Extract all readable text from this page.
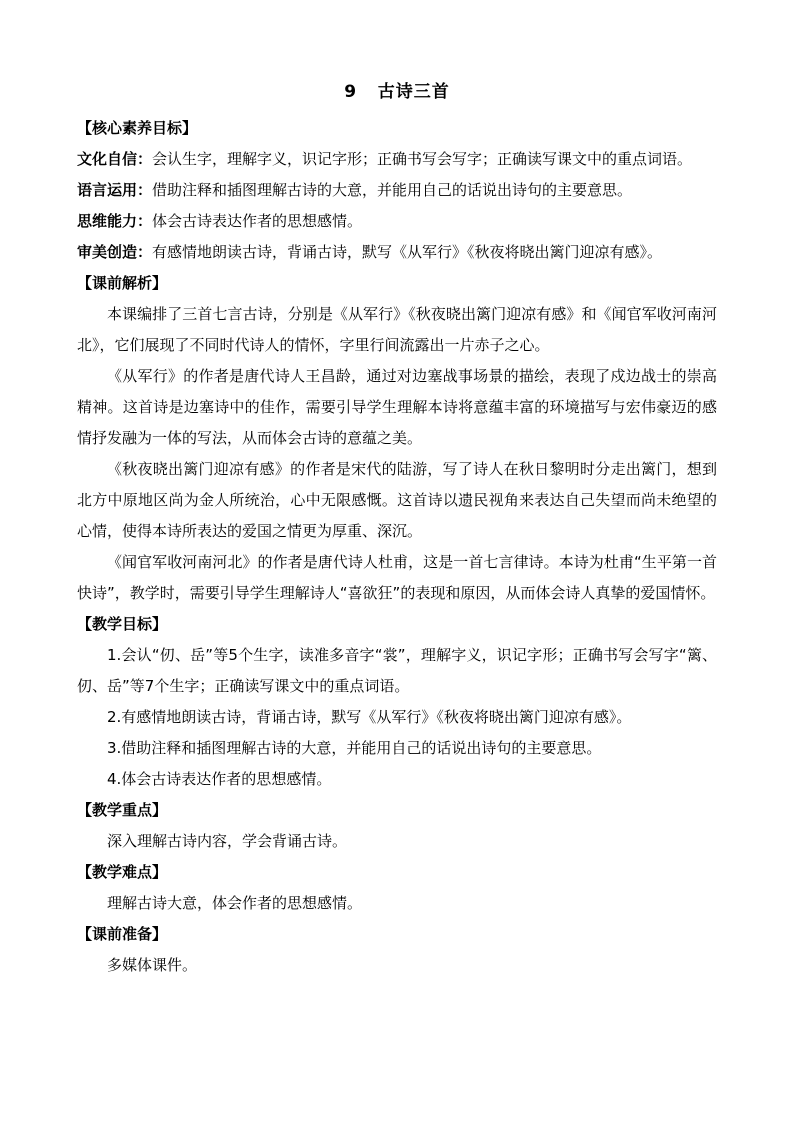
9   古诗三首

【核心素养目标】

文化自信：会认生字，理解字义，识记字形；正确书写会写字；正确读写课文中的重点词语。

语言运用：借助注释和插图理解古诗的大意，并能用自己的话说出诗句的主要意思。

思维能力：体会古诗表达作者的思想感情。

审美创造：有感情地朗读古诗，背诵古诗，默写《从军行》《秋夜将晓出篱门迎凉有感》。

【课前解析】

本课编排了三首七言古诗，分别是《从军行》《秋夜晓出篱门迎凉有感》和《闻官军收河南河北》，它们展现了不同时代诗人的情怀，字里行间流露出一片赤子之心。

《从军行》的作者是唐代诗人王昌龄，通过对边塞战事场景的描绘，表现了戍边战士的崇高精神。这首诗是边塞诗中的佳作，需要引导学生理解本诗将意蕴丰富的环境描写与宏伟豪迈的感情抒发融为一体的写法，从而体会古诗的意蕴之美。

《秋夜晓出篱门迎凉有感》的作者是宋代的陆游，写了诗人在秋日黎明时分走出篱门，想到北方中原地区尚为金人所统治，心中无限感慨。这首诗以遗民视角来表达自己失望而尚未绝望的心情，使得本诗所表达的爱国之情更为厚重、深沉。

《闻官军收河南河北》的作者是唐代诗人杜甫，这是一首七言律诗。本诗为杜甫“生平第一首快诗”，教学时，需要引导学生理解诗人“喜欲狂”的表现和原因，从而体会诗人真挚的爱国情怀。

【教学目标】

1.会认“仞、岳”等5个生字，读准多音字“裳”，理解字义，识记字形；正确书写会写字“篱、仞、岳”等7个生字；正确读写课文中的重点词语。

2.有感情地朗读古诗，背诵古诗，默写《从军行》《秋夜将晓出篱门迎凉有感》。

3.借助注释和插图理解古诗的大意，并能用自己的话说出诗句的主要意思。

4.体会古诗表达作者的思想感情。

【教学重点】

深入理解古诗内容，学会背诵古诗。

【教学难点】

理解古诗大意，体会作者的思想感情。

【课前准备】

多媒体课件。
